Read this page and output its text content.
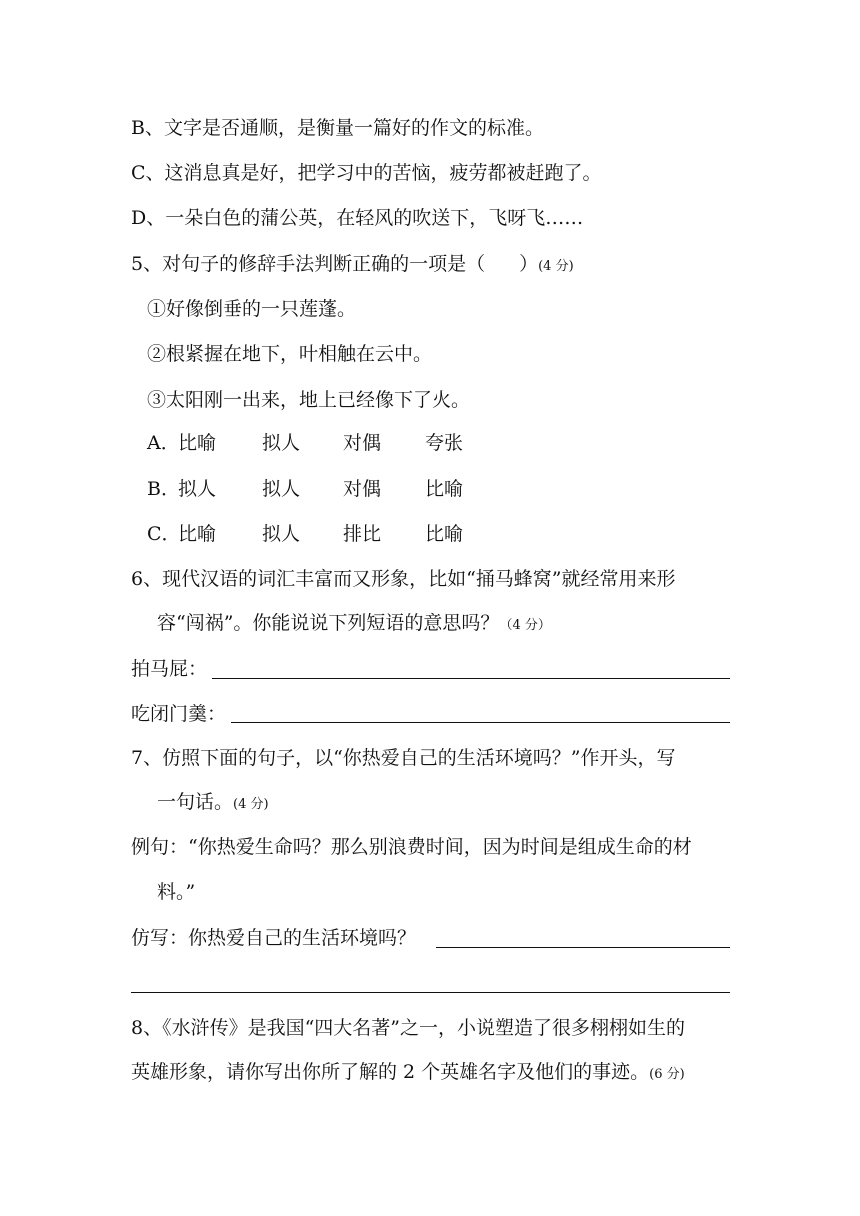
B、文字是否通顺，是衡量一篇好的作文的标准。
C、这消息真是好，把学习中的苦恼，疲劳都被赶跑了。
D、一朵白色的蒲公英，在轻风的吹送下，飞呀飞……
5、对句子的修辞手法判断正确的一项是（ ）(4 分)
①好像倒垂的一只莲蓬。
②根紧握在地下，叶相触在云中。
③太阳刚一出来，地上已经像下了火。
A．比喻 拟人 对偶 夸张
B．拟人 拟人 对偶 比喻
C．比喻 拟人 排比 比喻
6、现代汉语的词汇丰富而又形象，比如“捅马蜂窝”就经常用来形
容“闯祸”。你能说说下列短语的意思吗？（4 分）
拍马屁：
吃闭门羹：
7、仿照下面的句子，以“你热爱自己的生活环境吗？”作开头，写
一句话。(4 分)
例句：“你热爱生命吗？那么别浪费时间，因为时间是组成生命的材
料。”
仿写：你热爱自己的生活环境吗？
8、《水浒传》是我国“四大名著”之一，小说塑造了很多栩栩如生的
英雄形象，请你写出你所了解的 2 个英雄名字及他们的事迹。(6 分)
